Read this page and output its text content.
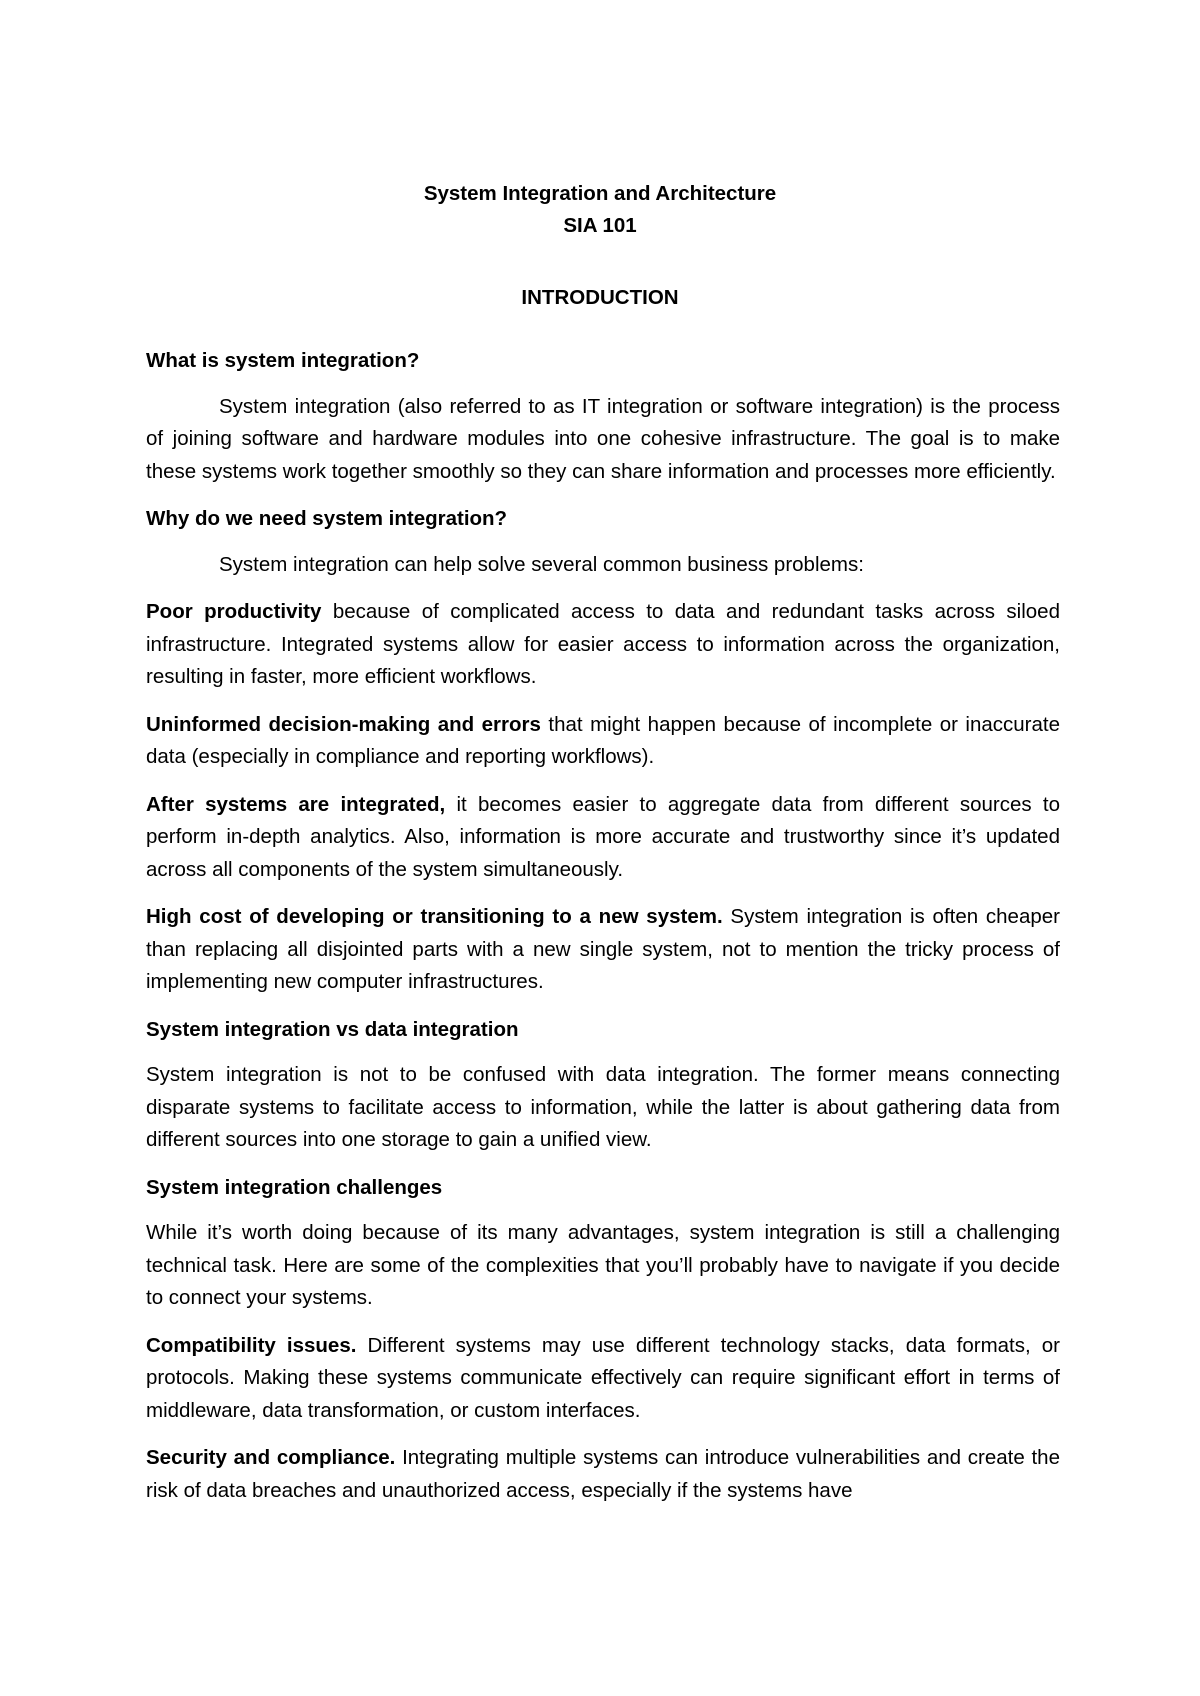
System Integration and Architecture
SIA 101
INTRODUCTION
What is system integration?
System integration (also referred to as IT integration or software integration) is the process of joining software and hardware modules into one cohesive infrastructure. The goal is to make these systems work together smoothly so they can share information and processes more efficiently.
Why do we need system integration?
System integration can help solve several common business problems:
Poor productivity because of complicated access to data and redundant tasks across siloed infrastructure. Integrated systems allow for easier access to information across the organization, resulting in faster, more efficient workflows.
Uninformed decision-making and errors that might happen because of incomplete or inaccurate data (especially in compliance and reporting workflows).
After systems are integrated, it becomes easier to aggregate data from different sources to perform in-depth analytics. Also, information is more accurate and trustworthy since it’s updated across all components of the system simultaneously.
High cost of developing or transitioning to a new system. System integration is often cheaper than replacing all disjointed parts with a new single system, not to mention the tricky process of implementing new computer infrastructures.
System integration vs data integration
System integration is not to be confused with data integration. The former means connecting disparate systems to facilitate access to information, while the latter is about gathering data from different sources into one storage to gain a unified view.
System integration challenges
While it’s worth doing because of its many advantages, system integration is still a challenging technical task. Here are some of the complexities that you’ll probably have to navigate if you decide to connect your systems.
Compatibility issues. Different systems may use different technology stacks, data formats, or protocols. Making these systems communicate effectively can require significant effort in terms of middleware, data transformation, or custom interfaces.
Security and compliance. Integrating multiple systems can introduce vulnerabilities and create the risk of data breaches and unauthorized access, especially if the systems have
